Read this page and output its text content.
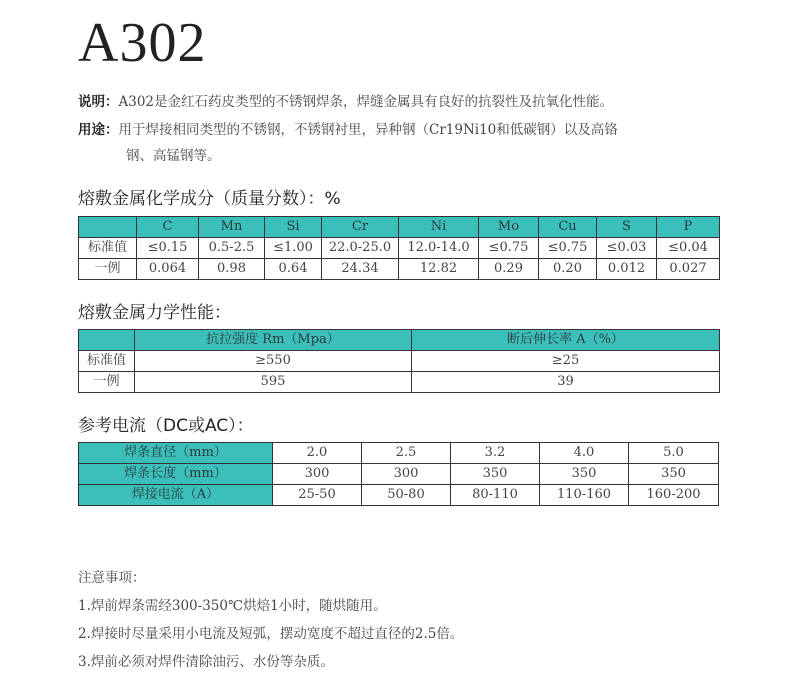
A302
说明：A302是金红石药皮类型的不锈钢焊条，焊缝金属具有良好的抗裂性及抗氧化性能。
用途：用于焊接相同类型的不锈钢，不锈钢衬里，异种钢（Cr19Ni10和低碳钢）以及高铬
钢、高锰钢等。
熔敷金属化学成分（质量分数）：%
	C	Mn	Si	Cr	Ni	Mo	Cu	S	P
标准值	≤0.15	0.5-2.5	≤1.00	22.0-25.0	12.0-14.0	≤0.75	≤0.75	≤0.03	≤0.04
一例	0.064	0.98	0.64	24.34	12.82	0.29	0.20	0.012	0.027
熔敷金属力学性能：
	抗拉强度 Rm（Mpa）	断后伸长率 A（%）
标准值	≥550	≥25
一例	595	39
参考电流（DC或AC）：
焊条直径（mm）	2.0	2.5	3.2	4.0	5.0
焊条长度（mm）	300	300	350	350	350
焊接电流（A）	25-50	50-80	80-110	110-160	160-200
注意事项：
1.焊前焊条需经300-350℃烘焙1小时，随烘随用。
2.焊接时尽量采用小电流及短弧，摆动宽度不超过直径的2.5倍。
3.焊前必须对焊件清除油污、水份等杂质。
